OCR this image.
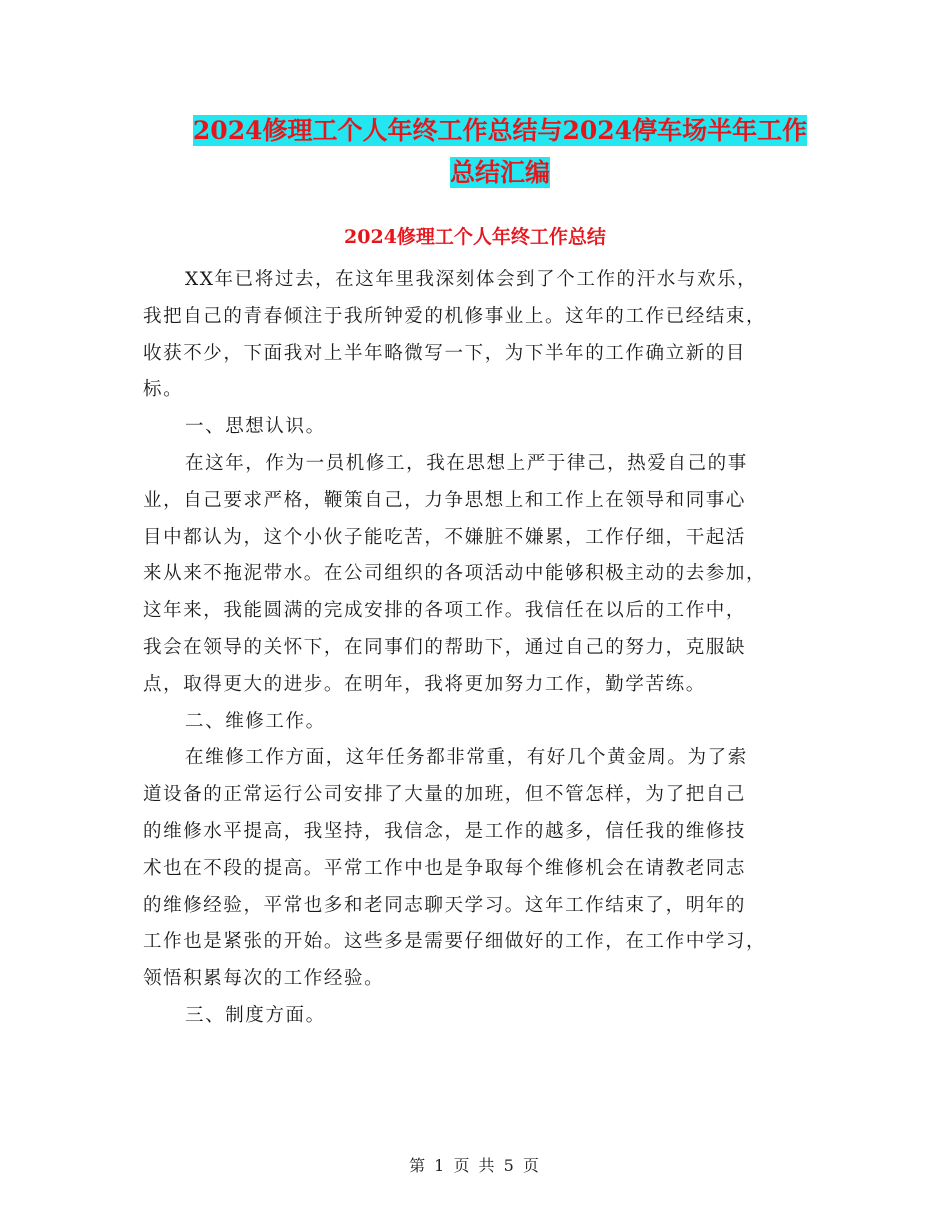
2024修理工个人年终工作总结与2024停车场半年工作
总结汇编
2024修理工个人年终工作总结
XX年已将过去，在这年里我深刻体会到了个工作的汗水与欢乐，
我把自己的青春倾注于我所钟爱的机修事业上。这年的工作已经结束，
收获不少，下面我对上半年略微写一下，为下半年的工作确立新的目
标。
一、思想认识。
在这年，作为一员机修工，我在思想上严于律己，热爱自己的事
业，自己要求严格，鞭策自己，力争思想上和工作上在领导和同事心
目中都认为，这个小伙子能吃苦，不嫌脏不嫌累，工作仔细，干起活
来从来不拖泥带水。在公司组织的各项活动中能够积极主动的去参加，
这年来，我能圆满的完成安排的各项工作。我信任在以后的工作中，
我会在领导的关怀下，在同事们的帮助下，通过自己的努力，克服缺
点，取得更大的进步。在明年，我将更加努力工作，勤学苦练。
二、维修工作。
在维修工作方面，这年任务都非常重，有好几个黄金周。为了索
道设备的正常运行公司安排了大量的加班，但不管怎样，为了把自己
的维修水平提高，我坚持，我信念，是工作的越多，信任我的维修技
术也在不段的提高。平常工作中也是争取每个维修机会在请教老同志
的维修经验，平常也多和老同志聊天学习。这年工作结束了，明年的
工作也是紧张的开始。这些多是需要仔细做好的工作，在工作中学习，
领悟积累每次的工作经验。
三、制度方面。
第 1 页 共 5 页
